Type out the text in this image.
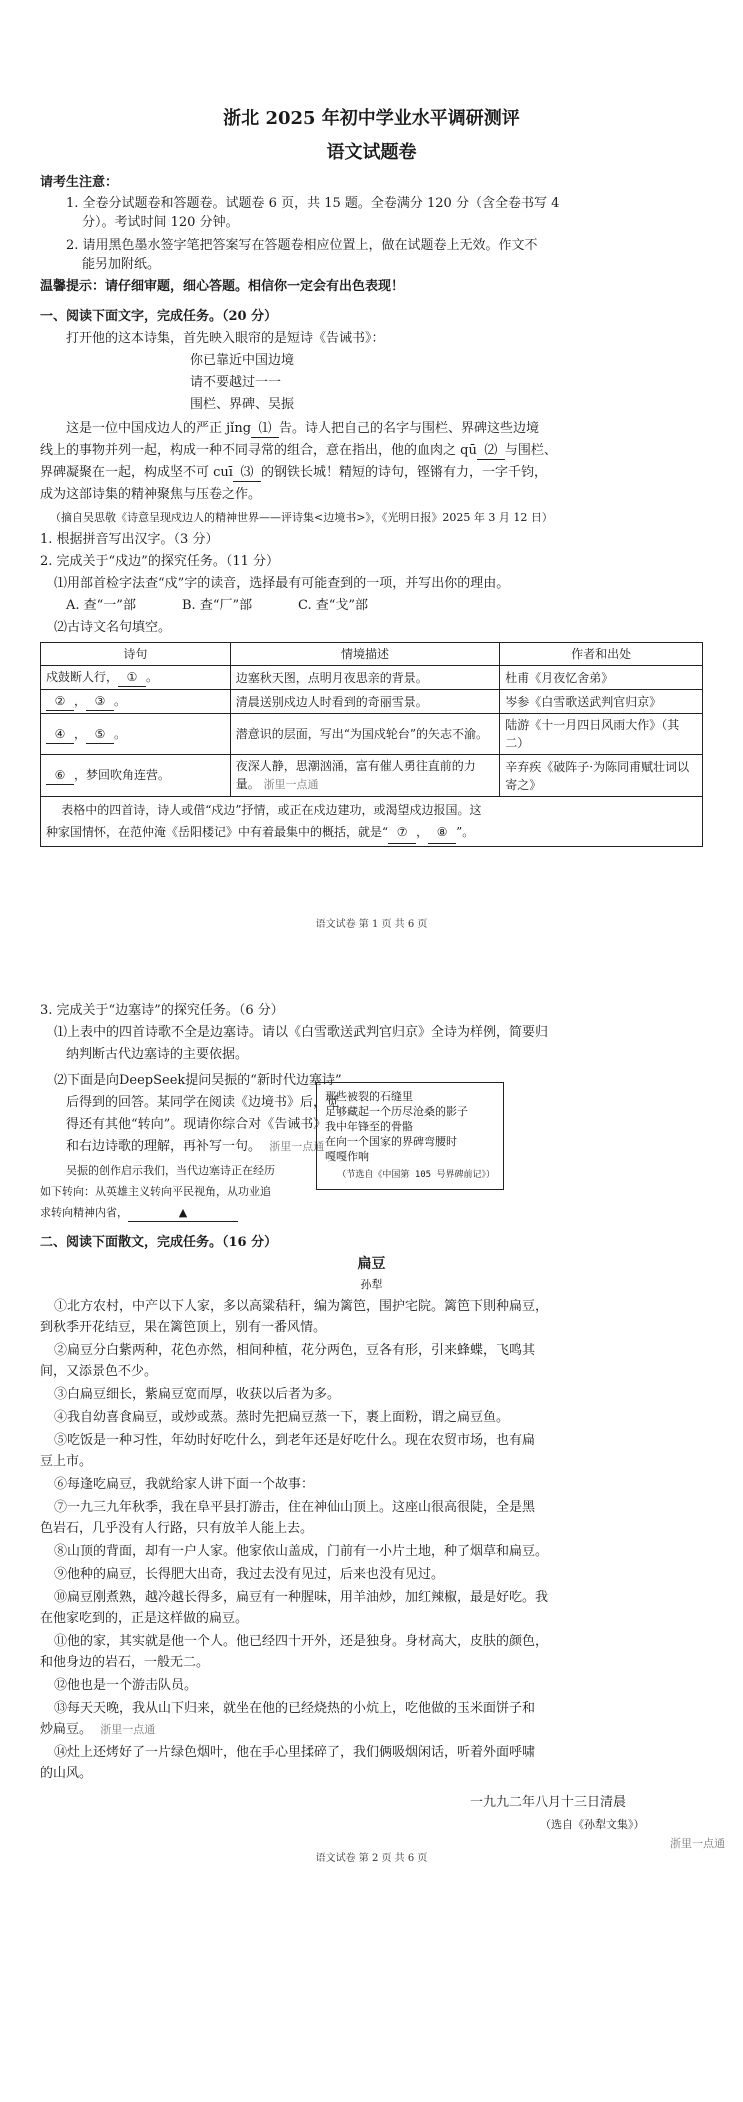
浙北 2025 年初中学业水平调研测评
语文试题卷
请考生注意：
1. 全卷分试题卷和答题卷。试题卷 6 页，共 15 题。全卷满分 120 分（含全卷书写 4
分）。考试时间 120 分钟。
2. 请用黑色墨水签字笔把答案写在答题卷相应位置上，做在试题卷上无效。作文不
能另加附纸。
温馨提示：请仔细审题，细心答题。相信你一定会有出色表现！
一、阅读下面文字，完成任务。（20 分）
打开他的这本诗集，首先映入眼帘的是短诗《告诫书》：
你已靠近中国边境
请不要越过一一
围栏、界碑、吴振
这是一位中国戍边人的严正 jǐng ⑴ 告。诗人把自己的名字与围栏、界碑这些边境
线上的事物并列一起，构成一种不同寻常的组合，意在指出，他的血肉之 qū ⑵ 与围栏、
界碑凝聚在一起，构成坚不可 cuī ⑶ 的钢铁长城！精短的诗句，铿锵有力，一字千钧，
成为这部诗集的精神聚焦与压卷之作。
（摘自吴思敬《诗意呈现戍边人的精神世界——评诗集<边境书>》，《光明日报》2025 年 3 月 12 日）
1. 根据拼音写出汉字。（3 分）
2. 完成关于“戍边”的探究任务。（11 分）
⑴用部首检字法查“戍”字的读音，选择最有可能查到的一项，并写出你的理由。
A. 查“一”部	B. 查“厂”部	C. 查“戈”部
⑵古诗文名句填空。
诗句	情境描述	作者和出处
戍鼓断人行， ① 。	边塞秋天图，点明月夜思亲的背景。	杜甫《月夜忆舍弟》
② ， ③ 。	清晨送别戍边人时看到的奇丽雪景。	岑参《白雪歌送武判官归京》
④ ， ⑤ 。	潜意识的层面，写出“为国戍轮台”的矢志不渝。	陆游《十一月四日风雨大作》（其二）
⑥ ，梦回吹角连营。	夜深人静，思潮汹涌，富有催人勇往直前的力量。 浙里一点通	辛弃疾《破阵子·为陈同甫赋壮词以寄之》
表格中的四首诗，诗人或借“戍边”抒情，或正在戍边建功，或渴望戍边报国。这
种家国情怀，在范仲淹《岳阳楼记》中有着最集中的概括，就是“ ⑦ ， ⑧ ”。		
语文试卷 第 1 页 共 6 页
3. 完成关于“边塞诗”的探究任务。（6 分）
⑴上表中的四首诗歌不全是边塞诗。请以《白雪歌送武判官归京》全诗为样例，简要归
纳判断古代边塞诗的主要依据。
⑵下面是向DeepSeek提问吴振的“新时代边塞诗”
后得到的回答。某同学在阅读《边境书》后，觉
得还有其他“转向”。现请你综合对《告诫书》
和右边诗歌的理解，再补写一句。 浙里一点通
吴振的创作启示我们，当代边塞诗正在经历
如下转向：从英雄主义转向平民视角，从功业追
求转向精神内省，	▲
那些被裂的石缝里
足够藏起一个历尽沧桑的影子
我中年锋至的骨骼
在向一个国家的界碑弯腰时
嘎嘎作响
（节选自《中国第 105 号界碑前记》）
二、阅读下面散文，完成任务。（16 分）
扁豆
孙犁
①北方农村，中产以下人家，多以高粱秸秆，编为篱笆，围护宅院。篱笆下則种扁豆，
到秋季开花结豆，果在篱笆顶上，别有一番风情。
②扁豆分白紫两种，花色亦然，相间种植，花分两色，豆各有形，引来蜂蝶，飞鸣其
间，又添景色不少。
③白扁豆细长，紫扁豆宽而厚，收获以后者为多。
④我自幼喜食扁豆，或炒或蒸。蒸时先把扁豆蒸一下，裹上面粉，谓之扁豆鱼。
⑤吃饭是一种习性，年幼时好吃什么，到老年还是好吃什么。现在农贸市场，也有扁
豆上市。
⑥每逢吃扁豆，我就给家人讲下面一个故事：
⑦一九三九年秋季，我在阜平县打游击，住在神仙山顶上。这座山很高很陡，全是黑
色岩石，几乎没有人行路，只有放羊人能上去。
⑧山顶的背面，却有一户人家。他家依山盖成，门前有一小片土地，种了烟草和扁豆。
⑨他种的扁豆，长得肥大出奇，我过去没有见过，后来也没有见过。
⑩扁豆刚煮熟，越冷越长得多，扁豆有一种腥味，用羊油炒，加红辣椒，最是好吃。我
在他家吃到的，正是这样做的扁豆。
⑪他的家，其实就是他一个人。他已经四十开外，还是独身。身材高大，皮肤的颜色，
和他身边的岩石，一般无二。
⑫他也是一个游击队员。
⑬每天天晚，我从山下归来，就坐在他的已经烧热的小炕上，吃他做的玉米面饼子和
炒扁豆。 浙里一点通
⑭灶上还烤好了一片绿色烟叶，他在手心里揉碎了，我们俩吸烟闲话，听着外面呼啸
的山风。
一九九二年八月十三日清晨
（选自《孙犁文集》）
语文试卷 第 2 页 共 6 页
浙里一点通
